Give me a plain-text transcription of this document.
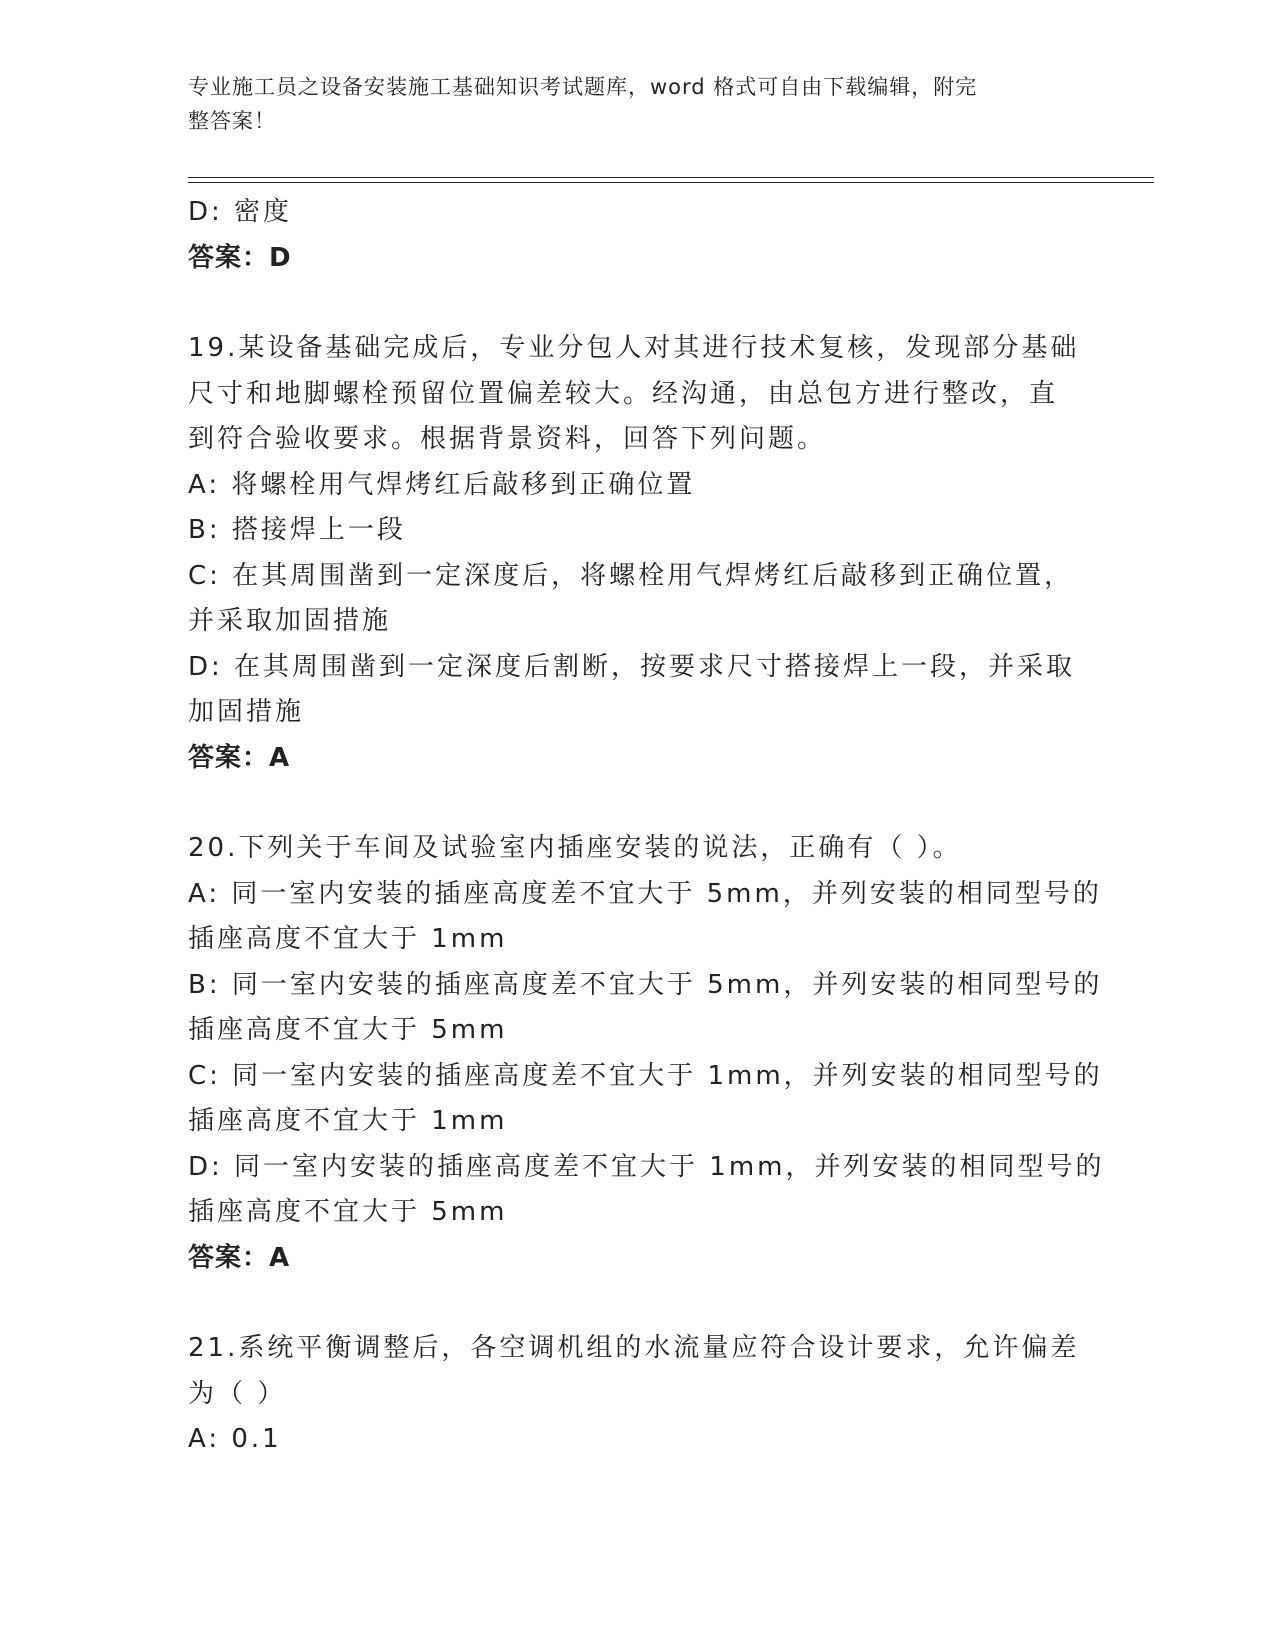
专业施工员之设备安装施工基础知识考试题库，word 格式可自由下载编辑，附完
整答案！
D: 密度
答案：D
19.某设备基础完成后，专业分包人对其进行技术复核，发现部分基础
尺寸和地脚螺栓预留位置偏差较大。经沟通，由总包方进行整改，直
到符合验收要求。根据背景资料，回答下列问题。
A: 将螺栓用气焊烤红后敲移到正确位置
B: 搭接焊上一段
C: 在其周围凿到一定深度后，将螺栓用气焊烤红后敲移到正确位置，
并采取加固措施
D: 在其周围凿到一定深度后割断，按要求尺寸搭接焊上一段，并采取
加固措施
答案：A
20.下列关于车间及试验室内插座安装的说法，正确有（ ）。
A: 同一室内安装的插座高度差不宜大于 5mm，并列安装的相同型号的
插座高度不宜大于 1mm
B: 同一室内安装的插座高度差不宜大于 5mm，并列安装的相同型号的
插座高度不宜大于 5mm
C: 同一室内安装的插座高度差不宜大于 1mm，并列安装的相同型号的
插座高度不宜大于 1mm
D: 同一室内安装的插座高度差不宜大于 1mm，并列安装的相同型号的
插座高度不宜大于 5mm
答案：A
21.系统平衡调整后，各空调机组的水流量应符合设计要求，允许偏差
为（ ）
A: 0.1
